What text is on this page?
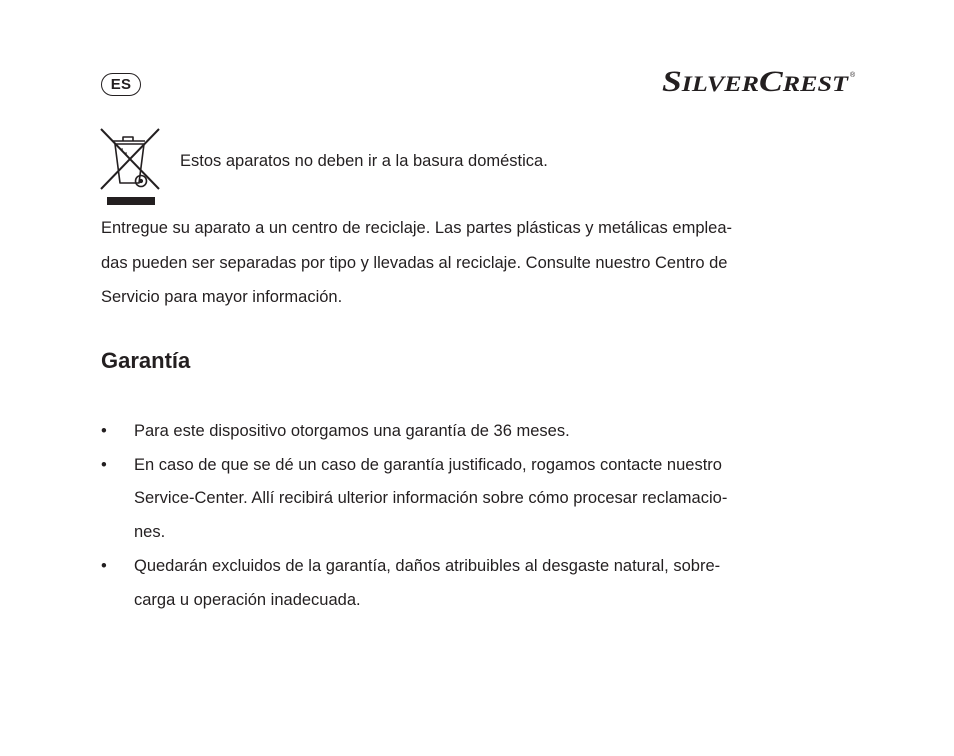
ES	S ILVER C REST	®
Estos aparatos no deben ir a la basura doméstica.
Entregue su aparato a un centro de reciclaje. Las partes plásticas y metálicas emplea-
das pueden ser separadas por tipo y llevadas al reciclaje. Consulte nuestro Centro de
Servicio para mayor información.
Garantía
• Para este dispositivo otorgamos una garantía de 36 meses.
• En caso de que se dé un caso de garantía justificado, rogamos contacte nuestro
Service-Center. Allí recibirá ulterior información sobre cómo procesar reclamacio-
nes.
• Quedarán excluidos de la garantía, daños atribuibles al desgaste natural, sobre-
carga u operación inadecuada.
